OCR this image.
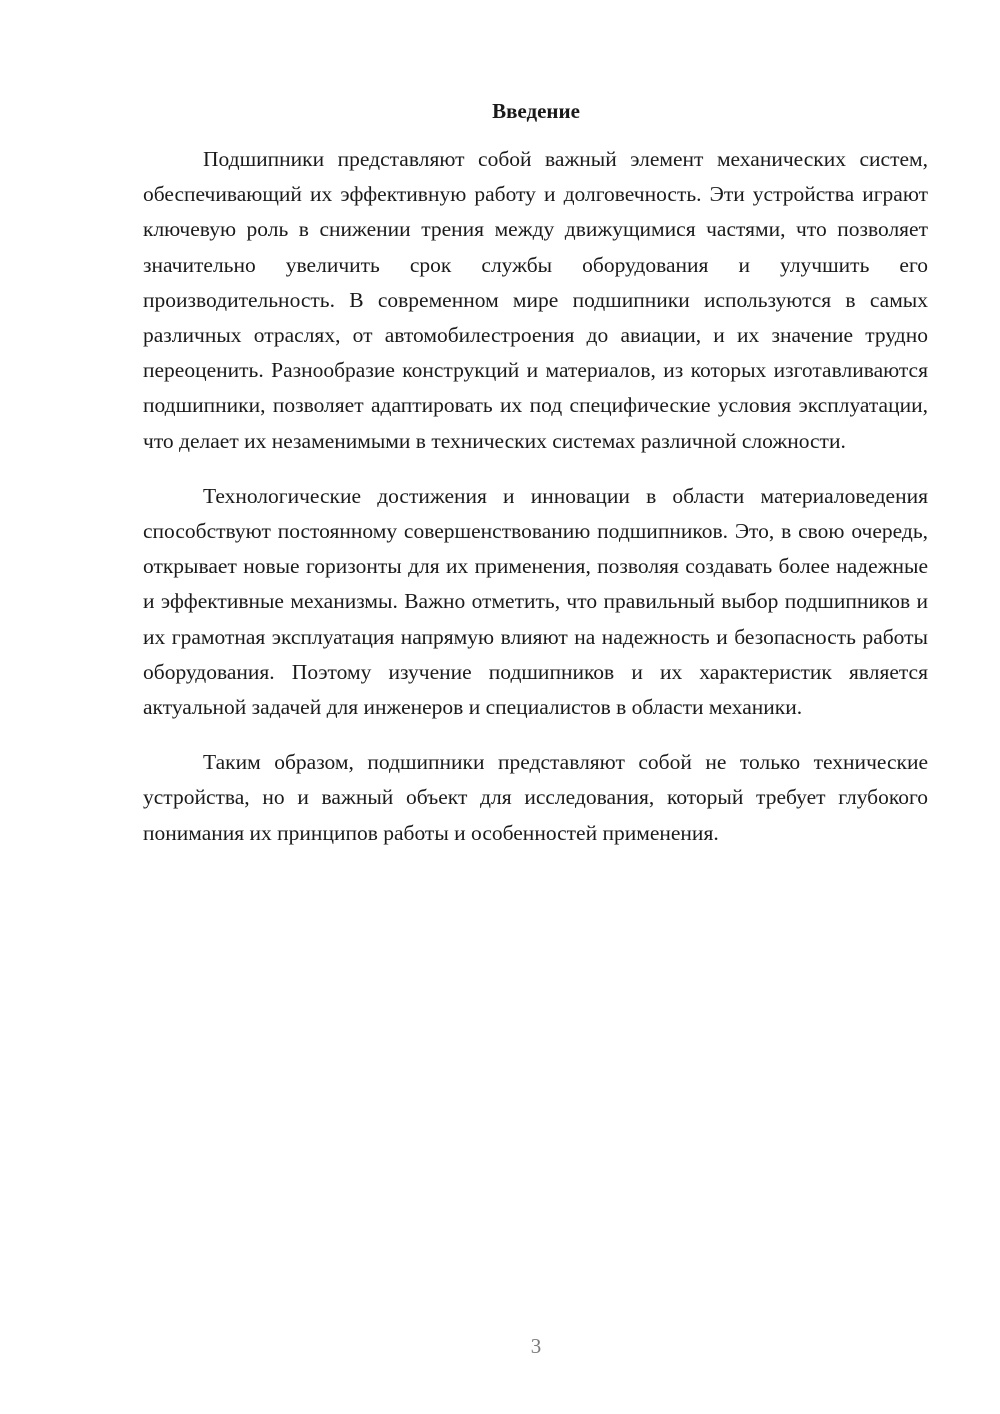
Введение

Подшипники представляют собой важный элемент механических систем, обеспечивающий их эффективную работу и долговечность. Эти устройства играют ключевую роль в снижении трения между движущимися частями, что позволяет значительно увеличить срок службы оборудования и улучшить его производительность. В современном мире подшипники используются в самых различных отраслях, от автомобилестроения до авиации, и их значение трудно переоценить. Разнообразие конструкций и материалов, из которых изготавливаются подшипники, позволяет адаптировать их под специфические условия эксплуатации, что делает их незаменимыми в технических системах различной сложности.

Технологические достижения и инновации в области материаловедения способствуют постоянному совершенствованию подшипников. Это, в свою очередь, открывает новые горизонты для их применения, позволяя создавать более надежные и эффективные механизмы. Важно отметить, что правильный выбор подшипников и их грамотная эксплуатация напрямую влияют на надежность и безопасность работы оборудования. Поэтому изучение подшипников и их характеристик является актуальной задачей для инженеров и специалистов в области механики.

Таким образом, подшипники представляют собой не только технические устройства, но и важный объект для исследования, который требует глубокого понимания их принципов работы и особенностей применения.

3
